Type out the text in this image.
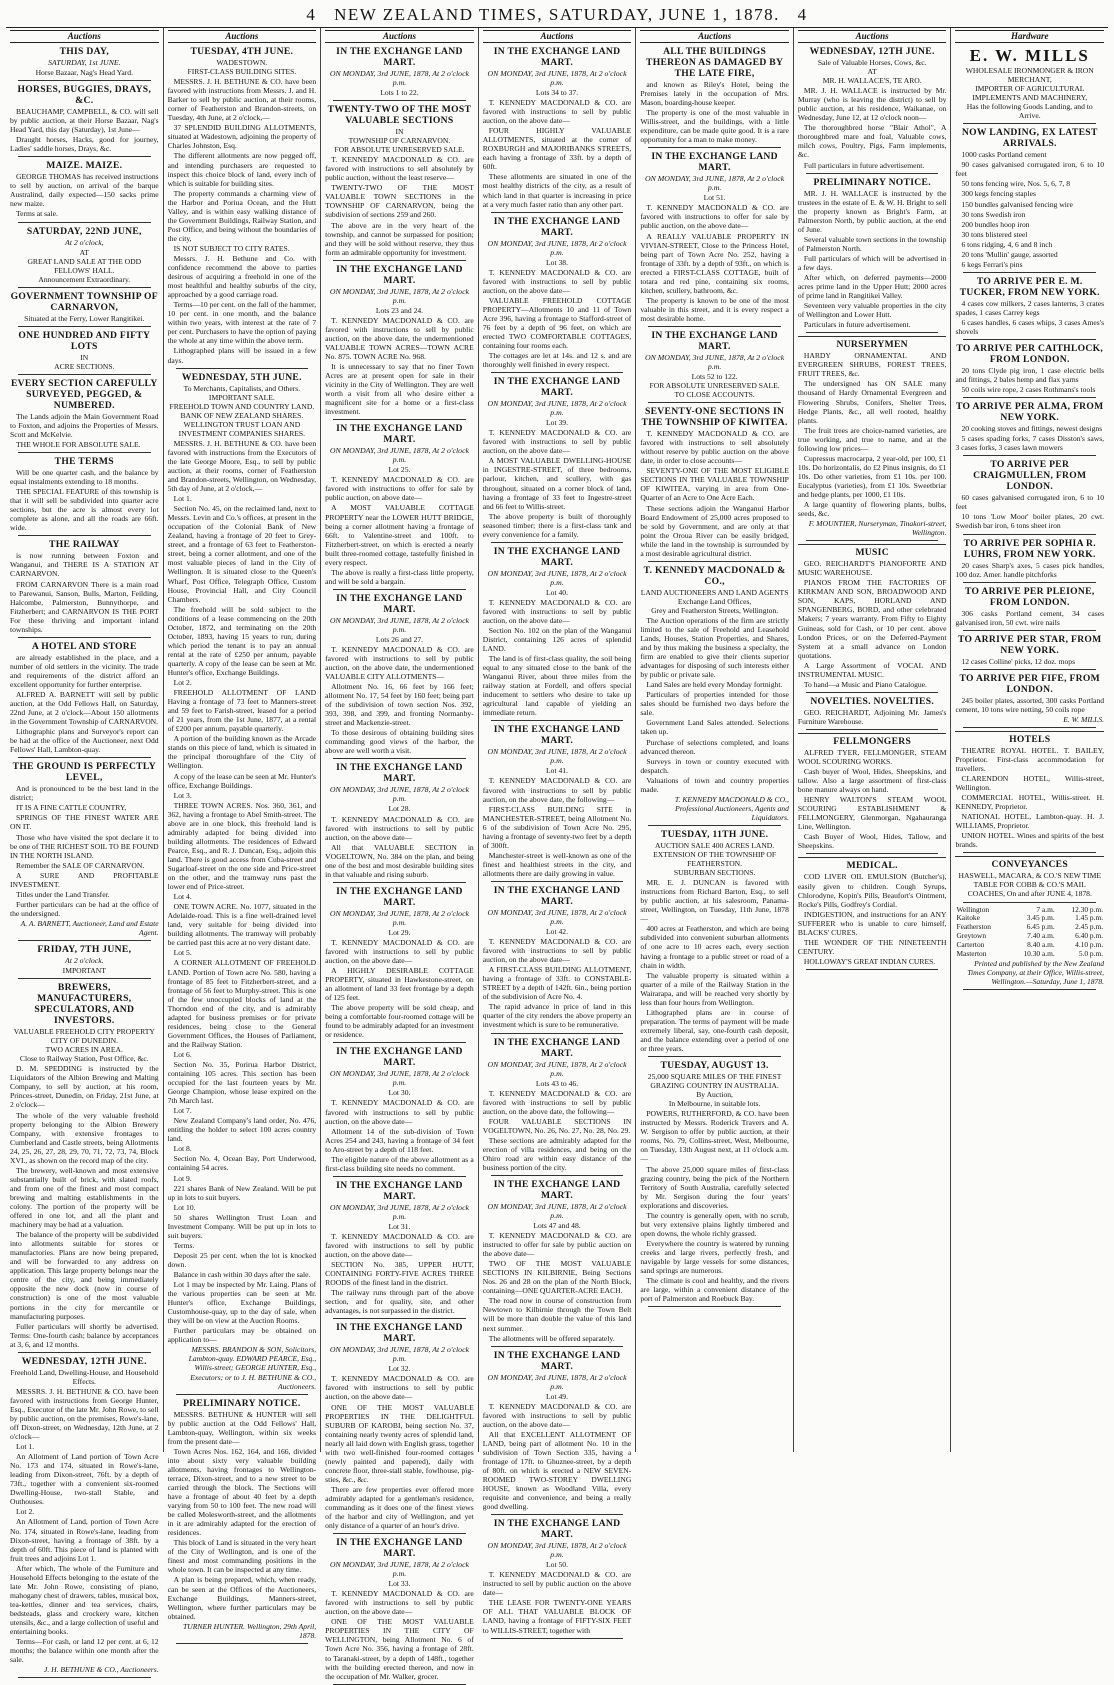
4 NEW ZEALAND TIMES, SATURDAY, JUNE 1, 1878. 4
Auctions
THIS DAY,
SATURDAY, 1st JUNE.
Horse Bazaar, Nag's Head Yard.
HORSES, BUGGIES, DRAYS, &C.
BEAUCHAMP, CAMPBELL, & CO. will sell by public auction, at their Horse Bazaar, Nag's Head Yard, this day (Saturday), 1st June—
Draught horses, Hacks, good for journey, Ladies' saddle horses, Drays, &c.
MAIZE. MAIZE.
GEORGE THOMAS has received instructions to sell by auction, on arrival of the barque Australind, daily expected—150 sacks prime new maize.
Terms at sale.
SATURDAY, 22ND JUNE,
At 2 o'clock,
AT
GREAT LAND SALE AT THE ODD FELLOWS' HALL.
Announcement Extraordinary.
GOVERNMENT TOWNSHIP OF CARNARVON,
Situated at the Ferry, Lower Rangitikei.
ONE HUNDRED AND FIFTY LOTS
IN
ACRE SECTIONS.
EVERY SECTION CAREFULLY SURVEYED, PEGGED, & NUMBERED.
The Lands adjoin the Main Government Road to Foxton, and adjoins the Properties of Messrs. Scott and McKelvie.
THE WHOLE FOR ABSOLUTE SALE.
THE TERMS
Will be one quarter cash, and the balance by equal instalments extending to 18 months.
THE SPECIAL FEATURE of this township is that it will sell be subdivided into quarter acre sections, but the acre is almost every lot complete as alone, and all the roads are 66ft. wide.
THE RAILWAY
is now running between Foxton and Wanganui, and THERE IS A STATION AT CARNARVON.
FROM CARNARVON There is a main road to Parewanui, Sanson, Bulls, Marton, Feilding, Halcombe, Palmerston, Bunnythorpe, and Fitzherbert; and CARNARVON IS THE PORT For these thriving and important inland townships.
A HOTEL AND STORE
are already established in the place, and a number of old settlers in the vicinity. The trade and requirements of the district afford an excellent opportunity for further enterprise.
ALFRED A. BARNETT will sell by public auction, at the Odd Fellows Hall, on Saturday, 22nd June, at 2 o'clock—About 150 allotments in the Government Township of CARNARVON.
Lithographic plans and Surveyor's report can be had at the office of the Auctioneer, next Odd Fellows' Hall, Lambton-quay.
THE GROUND IS PERFECTLY LEVEL,
And is pronounced to be the best land in the district;
IT IS A FINE CATTLE COUNTRY,
SPRINGS OF THE FINEST WATER ARE ON IT.
Those who have visited the spot declare it to be one of THE RICHEST SOIL TO BE FOUND IN THE NORTH ISLAND.
Remember the SALE OF CARNARVON.
A SURE AND PROFITABLE INVESTMENT.
Titles under the Land Transfer.
Further particulars can be had at the office of the undersigned.
A. A. BARNETT, Auctioneer, Land and Estate Agent.
FRIDAY, 7TH JUNE,
At 2 o'clock.
IMPORTANT
BREWERS, MANUFACTURERS, SPECULATORS, AND INVESTORS.
VALUABLE FREEHOLD CITY PROPERTY
CITY OF DUNEDIN.
TWO ACRES IN AREA.
Close to Railway Station, Post Office, &c.
D. M. SPEDDING is instructed by the Liquidators of the Albion Brewing and Malting Company, to sell by auction, at his room, Princes-street, Dunedin, on Friday, 21st June, at 2 o'clock—
The whole of the very valuable freehold property belonging to the Albion Brewery Company, with extensive frontages to Cumberland and Castle streets, being Allotments 24, 25, 26, 27, 28, 29, 70, 71, 72, 73, 74, Block XVI., as shown on the record map of the city.
The brewery, well-known and most extensive substantially built of brick, with slated roofs, and from one of the finest and most compact brewing and malting establishments in the colony. The portion of the property will be offered in one lot, and all the plant and machinery may be had at a valuation.
The balance of the property will be subdivided into allotments suitable for stores or manufactories. Plans are now being prepared, and will be forwarded to any address on application. This large property belongs near the centre of the city, and being immediately opposite the new dock (now in course of construction) is one of the most valuable portions in the city for mercantile or manufacturing purposes.
Fuller particulars will shortly be advertised. Terms: One-fourth cash; balance by acceptances at 3, 6, and 12 months.
WEDNESDAY, 12TH JUNE.
Freehold Land, Dwelling-House, and Household Effects.
MESSRS. J. H. BETHUNE & CO. have been favored with instructions from George Hunter, Esq., Executor of the late Mr. John Rowe, to sell by public auction, on the premises, Rowe's-lane, off Dixon-street, on Wednesday, 12th June, at 2 o'clock—
Lot 1.
An Allotment of Land portion of Town Acre No. 173 and 174, situated in Rowe's-lane, leading from Dixon-street, 76ft. by a depth of 73ft., together with a convenient six-roomed Dwelling-House, two-stall Stable, and Outhouses.
Lot 2.
An Allotment of Land, portion of Town Acre No. 174, situated in Rowe's-lane, leading from Dixon-street, having a frontage of 38ft. by a depth of 60ft. This piece of land is planted with fruit trees and adjoins Lot 1.
After which, The whole of the Furniture and Household Effects belonging to the estate of the late Mr. John Rowe, consisting of piano, mahogany chest of drawers, tables, musical box, tea-kettles, dinner and tea services, chairs, bedsteads, glass and crockery ware, kitchen utensils, &c., and a large collection of useful and entertaining books.
Terms—For cash, or land 12 per cent. at 6, 12 months; the balance within one month after the sale.
J. H. BETHUNE & CO., Auctioneers.
Auctions
TUESDAY, 4TH JUNE.
WADESTOWN.
FIRST-CLASS BUILDING SITES.
MESSRS. J. H. BETHUNE & CO. have been favored with instructions from Messrs. J. and H. Barker to sell by public auction, at their rooms, corner of Featherston and Brandon-streets, on Tuesday, 4th June, at 2 o'clock,—
37 SPLENDID BUILDING ALLOTMENTS, situated at Wadestown, adjoining the property of Charles Johnston, Esq.
The different allotments are now pegged off, and intending purchasers are requested to inspect this choice block of land, every inch of which is suitable for building sites.
The property commands a charming view of the Harbor and Poriua Ocean, and the Hutt Valley, and is within easy walking distance of the Government Buildings, Railway Station, and Post Office, and being without the boundaries of the city,
IS NOT SUBJECT TO CITY RATES.
Messrs. J. H. Bethune and Co. with confidence recommend the above to parties desirous of acquiring a freehold in one of the most healthful and healthy suburbs of the city, approached by a good carriage road.
Terms—10 per cent. on the fall of the hammer, 10 per cent. in one month, and the balance within two years, with interest at the rate of 7 per cent. Purchasers to have the option of paying the whole at any time within the above term.
Lithographed plans will be issued in a few days.
WEDNESDAY, 5TH JUNE.
To Merchants, Capitalists, and Others.
IMPORTANT SALE.
FREEHOLD TOWN AND COUNTRY LAND.
BANK OF NEW ZEALAND SHARES.
WELLINGTON TRUST LOAN AND INVESTMENT COMPANIES SHARES.
MESSRS. J. H. BETHUNE & CO. have been favored with instructions from the Executors of the late George Moore, Esq., to sell by public auction, at their rooms, corner of Featherston and Brandon-streets, Wellington, on Wednesday, 5th day of June, at 2 o'clock,—
Lot 1.
Section No. 45, on the reclaimed land, next to Messrs. Levin and Co.'s offices, at present in the occupation of the Colonial Bank of New Zealand, having a frontage of 20 feet to Grey-street, and a frontage of 63 feet to Featherston-street, being a corner allotment, and one of the most valuable pieces of land in the City of Wellington. It is situated close to the Queen's Wharf, Post Office, Telegraph Office, Custom House, Provincial Hall, and City Council Chambers.
The freehold will be sold subject to the conditions of a lease commencing on the 20th October, 1872, and terminating on the 20th October, 1893, having 15 years to run, during which period the tenant is to pay an annual rental at the rate of £250 per annum, payable quarterly. A copy of the lease can be seen at Mr. Hunter's office, Exchange Buildings.
Lot 2.
FREEHOLD ALLOTMENT OF LAND Having a frontage of 73 feet to Manners-street and 59 feet to Farish-street, leased for a period of 21 years, from the 1st June, 1877, at a rental of £200 per annum, payable quarterly.
A portion of the building known as the Arcade stands on this piece of land, which is situated in the principal thoroughfare of the City of Wellington.
A copy of the lease can be seen at Mr. Hunter's office, Exchange Buildings.
Lot 3.
THREE TOWN ACRES. Nos. 360, 361, and 362, having a frontage to Abel Smith-street. The above are in one block, this freehold land is admirably adapted for being divided into building allotments. The residences of Edward Pearce, Esq., and R. J. Duncan, Esq., adjoin this land. There is good access from Cuba-street and Sugarloaf-street on the one side and Price-street on the other, and the tramway runs past the lower end of Price-street.
Lot 4.
ONE TOWN ACRE. No. 1077, situated in the Adelaide-road. This is a fine well-drained level land, very suitable for being divided into building allotments. The tramway will probably be carried past this acre at no very distant date.
Lot 5.
A CORNER ALLOTMENT OF FREEHOLD LAND. Portion of Town acre No. 580, having a frontage of 85 feet to Fitzherbert-street, and a frontage of 56 feet to Murphy-street. This is one of the few unoccupied blocks of land at the Thorndon end of the city, and is admirably adapted for business premises or for private residences, being close to the General Government Offices, the Houses of Parliament, and the Railway Station.
Lot 6.
Section No. 35, Porirua Harbor District, containing 105 acres. This section has been occupied for the last fourteen years by Mr. George Champion, whose lease expired on the 7th March last.
Lot 7.
New Zealand Company's land order, No. 476, entitling the holder to select 100 acres country land.
Lot 8.
Section No. 4, Ocean Bay, Port Underwood, containing 54 acres.
Lot 9.
221 shares Bank of New Zealand. Will be put up in lots to suit buyers.
Lot 10.
50 shares Wellington Trust Loan and Investment Company. Will be put up in lots to suit buyers.
Terms.
Deposit 25 per cent. when the lot is knocked down.
Balance in cash within 30 days after the sale.
Lot 1 may be inspected by Mr. Laing. Plans of the various properties can be seen at Mr. Hunter's office, Exchange Buildings, Customhouse-quay, up to the day of sale, when they will be on view at the Auction Rooms.
Further particulars may be obtained on application to—
MESSRS. BRANDON & SON, Solicitors, Lambton-quay. EDWARD PEARCE, Esq., Willis-street; GEORGE HUNTER, Esq., Executors; or to J. H. BETHUNE & CO., Auctioneers.
PRELIMINARY NOTICE.
MESSRS. BETHUNE & HUNTER will sell by public auction at the Odd Fellows' Hall, Lambton-quay, Wellington, within six weeks from the present date—
Town Acres Nos. 162, 164, and 166, divided into about sixty very valuable building allotments, having frontages to Wellington-terrace, Dixon-street, and to a new street to be carried through the block. The Sections will have a frontage of about 40 feet by a depth varying from 50 to 100 feet. The new road will be called Molesworth-street, and the allotments in it are admirably adapted for the erection of residences.
This block of Land is situated in the very heart of the City of Wellington, and is one of the finest and most commanding positions in the whole town. It can be inspected at any time.
A plan is being prepared, which, when ready, can be seen at the Offices of the Auctioneers, Exchange Buildings, Manners-street, Wellington, where further particulars may be obtained.
TURNER HUNTER. Wellington, 29th April, 1878.
Auctions
IN THE EXCHANGE LAND MART.
ON MONDAY, 3rd JUNE, 1878, At 2 o'clock p.m.
Lots 1 to 22.
TWENTY-TWO OF THE MOST VALUABLE SECTIONS
IN
TOWNSHIP OF CARNARVON.
FOR ABSOLUTE UNRESERVED SALE.
T. KENNEDY MACDONALD & CO. are favored with instructions to sell absolutely by public auction, without the least reserve—
TWENTY-TWO OF THE MOST VALUABLE TOWN SECTIONS in the TOWNSHIP OF CARNARVON, being the subdivision of sections 259 and 260.
The above are in the very heart of the township, and cannot be surpassed for position; and they will be sold without reserve, they thus form an admirable opportunity for investment.
IN THE EXCHANGE LAND MART.
ON MONDAY, 3rd JUNE, 1878, At 2 o'clock p.m.
Lots 23 and 24.
T. KENNEDY MACDONALD & CO. are favored with instructions to sell by public auction, on the above date, the undermentioned VALUABLE TOWN ACRES—TOWN ACRE No. 875. TOWN ACRE No. 968.
It is unnecessary to say that no finer Town Acres are at present open for sale in their vicinity in the City of Wellington. They are well worth a visit from all who desire either a magnificent site for a home or a first-class investment.
IN THE EXCHANGE LAND MART.
ON MONDAY, 3rd JUNE, 1878, At 2 o'clock p.m.
Lot 25.
T. KENNEDY MACDONALD & CO. are favored with instructions to offer for sale by public auction, on above date—
A MOST VALUABLE COTTAGE PROPERTY near the LOWER HUTT BRIDGE, being a corner allotment having a frontage of 66ft. to Valentine-street and 100ft. to Fitzherbert-street, on which is erected a nearly built three-roomed cottage, tastefully finished in every respect.
The above is really a first-class little property, and will be sold a bargain.
IN THE EXCHANGE LAND MART.
ON MONDAY, 3rd JUNE, 1878, At 2 o'clock p.m.
Lots 26 and 27.
T. KENNEDY MACDONALD & CO. are favored with instructions to sell by public auction, on the above date, the undermentioned VALUABLE CITY ALLOTMENTS—
Allotment No. 16, 66 feet by 166 feet; allotment No. 17, 54 feet by 160 feet; being part of the subdivision of town section Nos. 392, 393, 398, and 399, and fronting Normanby-street and Mackenzie-street.
To those desirous of obtaining building sites commanding good views of the harbor, the above are well worth a visit.
IN THE EXCHANGE LAND MART.
ON MONDAY, 3rd JUNE, 1878, At 2 o'clock p.m.
Lot 28.
T. KENNEDY MACDONALD & CO. are favored with instructions to sell by public auction, on the above date—
All that VALUABLE SECTION in VOGELTOWN, No. 384 on the plan, and being one of the best and most desirable building sites in that valuable and rising suburb.
IN THE EXCHANGE LAND MART.
ON MONDAY, 3rd JUNE, 1878, At 2 o'clock p.m.
Lot 29.
T. KENNEDY MACDONALD & CO. are favored with instructions to sell by public auction, on the above date—
A HIGHLY DESIRABLE COTTAGE PROPERTY, situated in Hawkestone-street, on an allotment of land 33 feet frontage by a depth of 125 feet.
The above property will be sold cheap, and being a comfortable four-roomed cottage will be found to be admirably adapted for an investment or residence.
IN THE EXCHANGE LAND MART.
ON MONDAY, 3rd JUNE, 1878, At 2 o'clock p.m.
Lot 30.
T. KENNEDY MACDONALD & CO. are favored with instructions to sell by public auction, on the above date—
Allotment 14 of the sub-division of Town Acres 254 and 243, having a frontage of 34 feet to Aro-street by a depth of 118 feet.
The eligible nature of the above allotment as a first-class building site needs no comment.
IN THE EXCHANGE LAND MART.
ON MONDAY, 3rd JUNE, 1878, At 2 o'clock p.m.
Lot 31.
T. KENNEDY MACDONALD & CO. are favored with instructions to sell by public auction, on the above date—
SECTION No. 385, UPPER HUTT, CONTAINING FORTY-FIVE ACRES THREE ROODS of the finest land in the district.
The railway runs through part of the above section, and for quality, site, and other advantages, is not surpassed in the district.
IN THE EXCHANGE LAND MART.
ON MONDAY, 3rd JUNE, 1878, At 2 o'clock p.m.
Lot 32.
T. KENNEDY MACDONALD & CO. are favored with instructions to sell by public auction, on the above date—
ONE OF THE MOST VALUABLE PROPERTIES IN THE DELIGHTFUL SUBURB OF KAROBI, being section No. 37, containing nearly twenty acres of splendid land, nearly all laid down with English grass, together with two well-finished four-roomed cottages (newly painted and papered), daily with concrete floor, three-stall stable, fowlhouse, pig-sties, &c., &c.
There are few properties ever offered more admirably adapted for a gentleman's residence, commanding as it does one of the finest views of the harbor and city of Wellington, and yet only distance of a quarter of an hour's drive.
IN THE EXCHANGE LAND MART.
ON MONDAY, 3rd JUNE, 1878, At 2 o'clock p.m.
Lot 33.
T. KENNEDY MACDONALD & CO. are favored with instructions to sell by public auction, on the above date—
ONE OF THE MOST VALUABLE PROPERTIES IN THE CITY OF WELLINGTON, being Allotment No. 6 of Town Acre No. 356, having a frontage of 28ft. to Taranaki-street, by a depth of 148ft., together with the building erected thereon, and now in the occupation of Mr. Walker, grocer.
Auctions
IN THE EXCHANGE LAND MART.
ON MONDAY, 3rd JUNE, 1878, At 2 o'clock p.m.
Lots 34 to 37.
T. KENNEDY MACDONALD & CO. are favored with instructions to sell by public auction, on the above date—
FOUR HIGHLY VALUABLE ALLOTMENTS, situated at the corner of ROXBURGH and MAJORIBANKS STREETS, each having a frontage of 33ft. by a depth of 60ft.
These allotments are situated in one of the most healthy districts of the city, as a result of which land in that quarter is increasing in price at a very much faster ratio than any other part.
IN THE EXCHANGE LAND MART.
ON MONDAY, 3rd JUNE, 1878, At 2 o'clock p.m.
Lot 38.
T. KENNEDY MACDONALD & CO. are favored with instructions to sell by public auction, on the above date—
VALUABLE FREEHOLD COTTAGE PROPERTY—Allotments 10 and 11 of Town Acre 396, having a frontage to Stafford-street of 76 feet by a depth of 96 feet, on which are erected TWO COMFORTABLE COTTAGES, containing four rooms each.
The cottages are let at 14s. and 12 s. and are thoroughly well finished in every respect.
IN THE EXCHANGE LAND MART.
ON MONDAY, 3rd JUNE, 1878, At 2 o'clock p.m.
Lot 39.
T. KENNEDY MACDONALD & CO. are favored with instructions to sell by public auction, on the above date—
A MOST VALUABLE DWELLING-HOUSE in INGESTRE-STREET, of three bedrooms, parlour, kitchen, and scullery, with gas throughout, situated on a corner block of land, having a frontage of 33 feet to Ingestre-street and 66 feet to Willis-street.
The above property is built of thoroughly seasoned timber; there is a first-class tank and every convenience for a family.
IN THE EXCHANGE LAND MART.
ON MONDAY, 3rd JUNE, 1878, At 2 o'clock p.m.
Lot 40.
T. KENNEDY MACDONALD & CO. are favored with instructions to sell by public auction, on the above date—
Section No. 102 on the plan of the Wanganui District, containing 126 acres of splendid LAND.
The land is of first-class quality, the soil being equal to any situated close to the bank of the Wanganui River, about three miles from the railway station at Fordell, and offers special inducement to settlers who desire to take up agricultural land capable of yielding an immediate return.
IN THE EXCHANGE LAND MART.
ON MONDAY, 3rd JUNE, 1878, At 2 o'clock p.m.
Lot 41.
T. KENNEDY MACDONALD & CO. are favored with instructions to sell by public auction, on the above date, the following—
FIRST-CLASS BUILDING SITE in MANCHESTER-STREET, being Allotment No. 6 of the subdivision of Town Acre No. 295, having a frontage of seventy-two feet by a depth of 300ft.
Manchester-street is well-known as one of the finest and healthiest streets in the city, and allotments there are daily growing in value.
IN THE EXCHANGE LAND MART.
ON MONDAY, 3rd JUNE, 1878, At 2 o'clock p.m.
Lot 42.
T. KENNEDY MACDONALD & CO. are favored with instructions to sell by public auction, on the above date—
A FIRST-CLASS BUILDING ALLOTMENT, having a frontage of 33ft. to CONSTABLE-STREET by a depth of 142ft. 6in., being portion of the subdivision of Acre No. 4.
The rapid advance in price of land in this quarter of the city renders the above property an investment which is sure to be remunerative.
IN THE EXCHANGE LAND MART.
ON MONDAY, 3rd JUNE, 1878, At 2 o'clock p.m.
Lots 43 to 46.
T. KENNEDY MACDONALD & CO. are favored with instructions to sell by public auction, on the above date, the following—
FOUR VALUABLE SECTIONS IN VOGELTOWN, No. 26, No. 27, No. 28, No. 29.
These sections are admirably adapted for the erection of villa residences, and being on the Ohiro road are within easy distance of the business portion of the city.
IN THE EXCHANGE LAND MART.
ON MONDAY, 3rd JUNE, 1878, At 2 o'clock p.m.
Lots 47 and 48.
T. KENNEDY MACDONALD & CO. are instructed to offer for sale by public auction on the above date—
TWO OF THE MOST VALUABLE SECTIONS IN KILBIRNIE, Being Sections Nos. 26 and 28 on the plan of the North Block, containing—ONE QUARTER-ACRE EACH.
The road now in course of construction from Newtown to Kilbirnie through the Town Belt will be more than double the value of this land next summer.
The allotments will be offered separately.
IN THE EXCHANGE LAND MART.
ON MONDAY, 3rd JUNE, 1878, At 2 o'clock p.m.
Lot 49.
T. KENNEDY MACDONALD & CO. are favored with instructions to sell by public auction, on the above date—
All that EXCELLENT ALLOTMENT OF LAND, being part of allotment No. 10 in the subdivision of Town Section 335, having a frontage of 17ft. to Ghuznee-street, by a depth of 80ft. on which is erected a NEW SEVEN-ROOMED TWO-STOREY DWELLING HOUSE, known as Woodland Villa, every requisite and convenience, and being a really good dwelling.
IN THE EXCHANGE LAND MART.
ON MONDAY, 3rd JUNE, 1878, At 2 o'clock p.m.
Lot 50.
T. KENNEDY MACDONALD & CO. are instructed to sell by public auction on the above date—
THE LEASE FOR TWENTY-ONE YEARS OF ALL THAT VALUABLE BLOCK OF LAND, having a frontage of FIFTY-SIX FEET to WILLIS-STREET, together with
Auctions
ALL THE BUILDINGS THEREON AS DAMAGED BY THE LATE FIRE,
and known as Riley's Hotel, being the Premises lately in the occupation of Mrs. Mason, boarding-house keeper.
The property is one of the most valuable in Willis-street, and the buildings, with a little expenditure, can be made quite good. It is a rare opportunity for a man to make money.
IN THE EXCHANGE LAND MART.
ON MONDAY, 3rd JUNE, 1878, At 2 o'clock p.m.
Lot 51.
T. KENNEDY MACDONALD & CO. are favored with instructions to offer for sale by public auction, on the above date—
A REALLY VALUABLE PROPERTY IN VIVIAN-STREET, Close to the Princess Hotel, being part of Town Acre No. 252, having a frontage of 33ft. by a depth of 93ft., on which is erected a FIRST-CLASS COTTAGE, built of totara and red pine, containing six rooms, kitchen, scullery, bathroom, &c.
The property is known to be one of the most valuable in this street, and it is every respect a most desirable home.
IN THE EXCHANGE LAND MART.
ON MONDAY, 3rd JUNE, 1878, At 2 o'clock p.m.
Lots 52 to 122.
FOR ABSOLUTE UNRESERVED SALE.
TO CLOSE ACCOUNTS.
SEVENTY-ONE SECTIONS IN THE TOWNSHIP OF KIWITEA.
T. KENNEDY MACDONALD & CO. are favored with instructions to sell absolutely without reserve by public auction on the above date, in order to close accounts—
SEVENTY-ONE OF THE MOST ELIGIBLE SECTIONS IN THE VALUABLE TOWNSHIP OF KIWITEA, varying in area from One-Quarter of an Acre to One Acre Each.
These sections adjoin the Wanganui Harbor Board Endowment of 25,000 acres proposed to be sold by Government, and are only at that point the Oroua River can be easily bridged, while the land in the township is surrounded by a most desirable agricultural district.
T. KENNEDY MACDONALD & CO.,
LAND AUCTIONEERS AND LAND AGENTS
Exchange Land Offices,
Grey and Featherston Streets, Wellington.
The Auction operations of the firm are strictly limited to the sale of Freehold and Leasehold Lands, Houses, Station Properties, and Shares, and by thus making the business a specialty, the firm are enabled to give their clients superior advantages for disposing of such interests either by public or private sale.
Land Sales are held every Monday fortnight.
Particulars of properties intended for those sales should be furnished two days before the sale.
Government Land Sales attended. Selections taken up.
Purchase of selections completed, and loans advanced thereon.
Surveys in town or country executed with despatch.
Valuations of town and country properties made.
T. KENNEDY MACDONALD & CO., Professional Auctioneers, Agents and Liquidators.
TUESDAY, 11TH JUNE.
AUCTION SALE 400 ACRES LAND.
EXTENSION OF THE TOWNSHIP OF FEATHERSTON.
SUBURBAN SECTIONS.
MR. E. J. DUNCAN is favored with instructions from Richard Barton, Esq., to sell by public auction, at his salesroom, Panama-street, Wellington, on Tuesday, 11th June, 1878—
400 acres at Featherston, and which are being subdivided into convenient suburban allotments of one acre to 10 acres each, every section having a frontage to a public street or road of a chain in width.
The valuable property is situated within a quarter of a mile of the Railway Station in the Wairarapa, and will be reached very shortly by less than four hours from Wellington.
Lithographed plans are in course of preparation. The terms of payment will be made extremely liberal, say, one-fourth cash deposit, and the balance extending over a period of one or three years.
TUESDAY, AUGUST 13.
25,000 SQUARE MILES OF THE FINEST GRAZING COUNTRY IN AUSTRALIA.
By Auction,
In Melbourne, in suitable lots.
POWERS, RUTHERFORD, & CO. have been instructed by Messrs. Roderick Travers and A. W. Sergison to offer by public auction, at their rooms, No. 79, Collins-street, West, Melbourne, on Tuesday, 13th August next, at 11 o'clock a.m.—
The above 25,000 square miles of first-class grazing country, being the pick of the Northern Territory of South Australia, carefully selected by Mr. Sergison during the four years' explorations and discoveries.
The country is generally open, with no scrub, but very extensive plains lightly timbered and open downs, the whole richly grassed.
Everywhere the country is watered by running creeks and large rivers, perfectly fresh, and navigable by large vessels for some distances, sand springs are numerous.
The climate is cool and healthy, and the rivers are large, within a convenient distance of the port of Palmerston and Roebuck Bay.
Auctions
WEDNESDAY, 12TH JUNE.
Sale of Valuable Horses, Cows, &c.
AT
MR. H. WALLACE'S, TE ARO.
MR. J. H. WALLACE is instructed by Mr. Murray (who is leaving the district) to sell by public auction, at his residence, Waikanae, on Wednesday, June 12, at 12 o'clock noon—
The thoroughbred horse "Blair Athol", A thoroughbred mare and foal, Valuable cows, milch cows, Poultry, Pigs, Farm implements, &c.
Full particulars in future advertisement.
PRELIMINARY NOTICE.
MR. J. H. WALLACE is instructed by the trustees in the estate of E. & W. H. Bright to sell the property known as Bright's Farm, at Palmerston North, by public auction, at the end of June.
Several valuable town sections in the township of Palmerston North.
Full particulars of which will be advertised in a few days.
After which, on deferred payments—2000 acres prime land in the Upper Hutt; 2000 acres of prime land in Rangitikei Valley.
Seventeen very valuable properties in the city of Wellington and Lower Hutt.
Particulars in future advertisement.
NURSERYMEN
HARDY ORNAMENTAL AND EVERGREEN SHRUBS, FOREST TREES, FRUIT TREES, &c.
The undersigned has ON SALE many thousand of Hardy Ornamental Evergreen and Flowering Shrubs, Conifers, Shelter Trees, Hedge Plants, &c., all well rooted, healthy plants.
The fruit trees are choice-named varieties, are true working, and true to name, and at the following low prices—
Cupressus macrocarpa, 2 year-old, per 100, £1 10s. Do horizontalis, do £2 Pinus insignis, do £1 10s. Do other varieties, from £1 10s. per 100. Eucalyptus (varieties), from £1 10s. Sweetbriar and hedge plants, per 1000, £1 10s.
A large quantity of flowering plants, bulbs, seeds, &c.
F. MOUNTIER, Nurseryman, Tinakori-street, Wellington.
MUSIC
GEO. REICHARDT'S PIANOFORTE AND MUSIC WAREHOUSE.
PIANOS FROM THE FACTORIES OF KIRKMAN AND SON, BROADWOOD AND SON, KAPS, HORLAND AND SPANGENBERG, BORD, and other celebrated Makers; 7 years warranty. From Fifty to Eighty Guineas, sold for Cash, or 10 per cent. above London Prices, or on the Deferred-Payment System at a small advance on London quotations.
A Large Assortment of VOCAL AND INSTRUMENTAL MUSIC.
To hand—a Music and Piano Catalogue.
NOVELTIES. NOVELTIES.
GEO. REICHARDT, Adjoining Mr. James's Furniture Warehouse.
FELLMONGERS
ALFRED TYER, FELLMONGER, STEAM WOOL SCOURING WORKS.
Cash buyer of Wool, Hides, Sheepskins, and tallow. Also a large assortment of first-class bone manure always on hand.
HENRY WALTON'S STEAM WOOL SCOURING ESTABLISHMENT & FELLMONGERY, Glenmorgan, Ngahauranga Line, Wellington.
Cash Buyer of Wool, Hides, Tallow, and Sheepskins.
MEDICAL.
COD LIVER OIL EMULSION (Butcher's), easily given to children. Cough Syrups, Chlorodyne, Kopin's Pills, Beaufort's Ointment, Rocke's Pills, Godfrey's Cordial.
INDIGESTION, and instructions for an ANY SUFFERER who is unable to cure himself, BLACKS' CURES.
THE WONDER OF THE NINETEENTH CENTURY.
HOLLOWAY'S GREAT INDIAN CURES.
Hardware
E. W. MILLS
WHOLESALE IRONMONGER & IRON MERCHANT,
IMPORTER OF AGRICULTURAL IMPLEMENTS AND MACHINERY,
Has the following Goods Landing, and to Arrive.
NOW LANDING, EX LATEST ARRIVALS.
1000 casks Portland cement
90 cases galvanised corrugated iron, 6 to 10 feet
50 tons fencing wire, Nos. 5, 6, 7, 8
300 kegs fencing staples
150 bundles galvanised fencing wire
30 tons Swedish iron
200 bundles hoop iron
30 tons blistered steel
6 tons ridging, 4, 6 and 8 inch
20 tons 'Mullin' gauge, assorted
6 kegs Ferrari's pins
TO ARRIVE PER E. M. TUCKER, FROM NEW YORK.
4 cases cow milkers, 2 cases lanterns, 3 crates spades, 1 cases Carrey kegs
6 cases handles, 6 cases whips, 3 cases Ames's shovels
TO ARRIVE PER CAITHLOCK, FROM LONDON.
20 tons Clyde pig iron, 1 case electric bells and fittings, 2 bales hemp and flax yarns
50 coils wire rope, 2 cases Rothmans's tools
TO ARRIVE PER ALMA, FROM NEW YORK.
20 cooking stoves and fittings, newest designs
5 cases spading forks, 7 cases Disston's saws, 3 cases forks, 3 cases lawn mowers
TO ARRIVE PER CRAIGMULLEN, FROM LONDON.
60 cases galvanised corrugated iron, 6 to 10 feet
10 tons 'Low Moor' boiler plates, 20 cwt. Swedish bar iron, 6 tons sheet iron
TO ARRIVE PER SOPHIA R. LUHRS, FROM NEW YORK.
20 cases Sharp's axes, 5 cases pick handles, 100 doz. Amer. handle pitchforks
TO ARRIVE PER PLEIONE, FROM LONDON.
306 casks Portland cement, 34 cases galvanised iron, 50 cwt. wire nails
TO ARRIVE PER STAR, FROM NEW YORK.
12 cases Colline' picks, 12 doz. mops
TO ARRIVE PER FIFE, FROM LONDON.
245 boiler plates, assorted, 300 casks Portland cement, 10 tons wire netting, 50 coils rope
E. W. MILLS.
HOTELS
THEATRE ROYAL HOTEL. T. BAILEY, Proprietor. First-class accommodation for travellers.
CLARENDON HOTEL, Willis-street, Wellington.
COMMERCIAL HOTEL, Willis-street. H. KENNEDY, Proprietor.
NATIONAL HOTEL, Lambton-quay. H. J. WILLIAMS, Proprietor.
UNION HOTEL. Wines and spirits of the best brands.
CONVEYANCES
HASWELL, MACARA, & CO.'S NEW TIME TABLE FOR COBB & CO.'S MAIL COACHES, On and after JUNE 4, 1878.
Wellington	7 a.m.	12.30 p.m.
Kaitoke	3.45 p.m.	1.45 p.m.
Featherston	6.45 p.m.	2.45 p.m.
Greytown	7.40 a.m.	6.40 p.m.
Carterton	8.40 a.m.	4.10 p.m.
Masterton	10.30 a.m.	5.0 p.m.
Printed and published by the New Zealand Times Company, at their Office, Willis-street, Wellington.—Saturday, June 1, 1878.
